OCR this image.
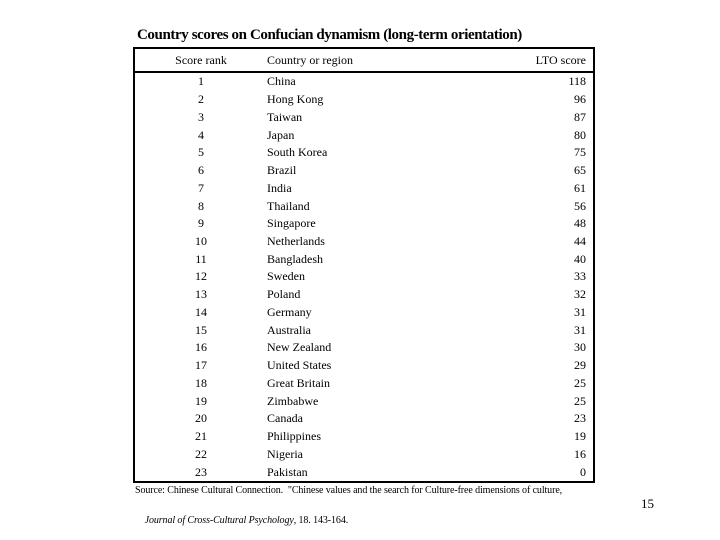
Country scores on Confucian dynamism (long-term orientation)
Score rank	Country or region	LTO score
1	China	118
2	Hong Kong	96
3	Taiwan	87
4	Japan	80
5	South Korea	75
6	Brazil	65
7	India	61
8	Thailand	56
9	Singapore	48
10	Netherlands	44
11	Bangladesh	40
12	Sweden	33
13	Poland	32
14	Germany	31
15	Australia	31
16	New Zealand	30
17	United States	29
18	Great Britain	25
19	Zimbabwe	25
20	Canada	23
21	Philippines	19
22	Nigeria	16
23	Pakistan	0
Source: Chinese Cultural Connection.  "Chinese values and the search for Culture-free dimensions of culture,

Journal of Cross-Cultural Psychology, 18. 143-164.

15
